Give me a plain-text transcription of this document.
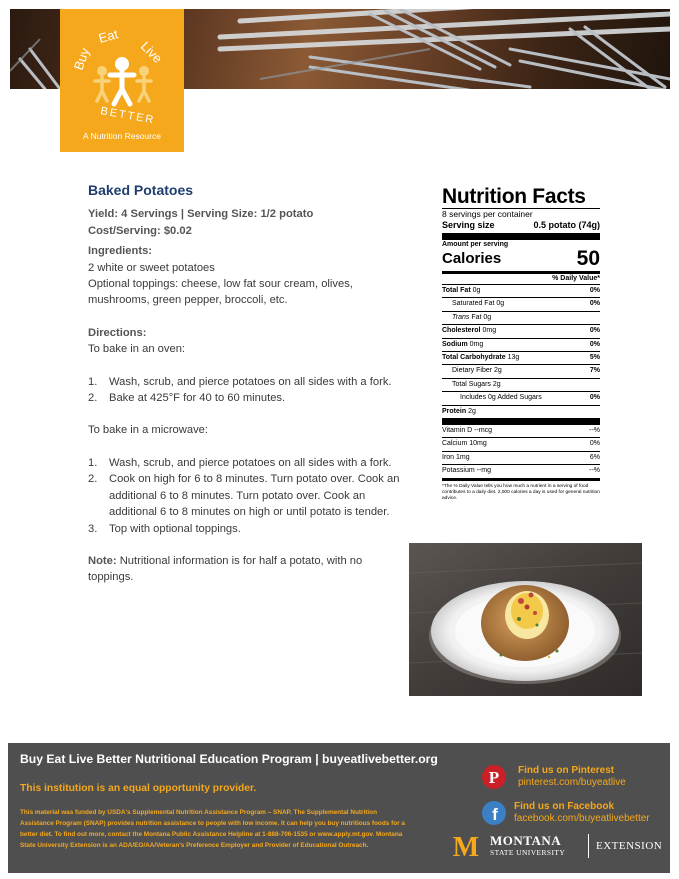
Buy
Eat
Live
BETTER
A Nutrition Resource
Baked Potatoes
Yield: 4 Servings | Serving Size: 1/2 potato
Cost/Serving: $0.02
Ingredients:
2 white or sweet potatoes
Optional toppings: cheese, low fat sour cream, olives, mushrooms, green pepper, broccoli, etc.
Directions:
To bake in an oven:
1. Wash, scrub, and pierce potatoes on all sides with a fork.
2. Bake at 425°F for 40 to 60 minutes.
To bake in a microwave:
1. Wash, scrub, and pierce potatoes on all sides with a fork.
2. Cook on high for 6 to 8 minutes. Turn potato over. Cook an additional 6 to 8 minutes. Turn potato over. Cook an additional 6 to 8 minutes on high or until potato is tender.
3. Top with optional toppings.
Note: Nutritional information is for half a potato, with no toppings.
Nutrition Facts
8 servings per container
Serving size	0.5 potato (74g)
Amount per serving
Calories	50
% Daily Value*
Total Fat 0g	0%
Saturated Fat 0g	0%
Trans Fat 0g
Cholesterol 0mg	0%
Sodium 0mg	0%
Total Carbohydrate 13g	5%
Dietary Fiber 2g	7%
Total Sugars 2g
Includes 0g Added Sugars	0%
Protein 2g
Vitamin D --mcg	--%
Calcium 10mg	0%
Iron 1mg	6%
Potassium --mg	--%
*The % Daily Value tells you how much a nutrient in a serving of food contributes to a daily diet. 2,000 calories a day is used for general nutrition advice.
Buy Eat Live Better Nutritional Education Program | buyeatlivebetter.org
This institution is an equal opportunity provider.
This material was funded by USDA's Supplemental Nutrition Assistance Program – SNAP. The Supplemental Nutrition Assistance Program (SNAP) provides nutrition assistance to people with low income. It can help you buy nutritious foods for a better diet. To find out more, contact the Montana Public Assistance Helpline at 1-888-706-1535 or www.apply.mt.gov. Montana State University Extension is an ADA/EO/AA/Veteran's Preference Employer and Provider of Educational Outreach.
P Find us on Pinterest
pinterest.com/buyeatlive
f Find us on Facebook
facebook.com/buyeatlivebetter
M MONTANA
STATE UNIVERSITY
EXTENSION
